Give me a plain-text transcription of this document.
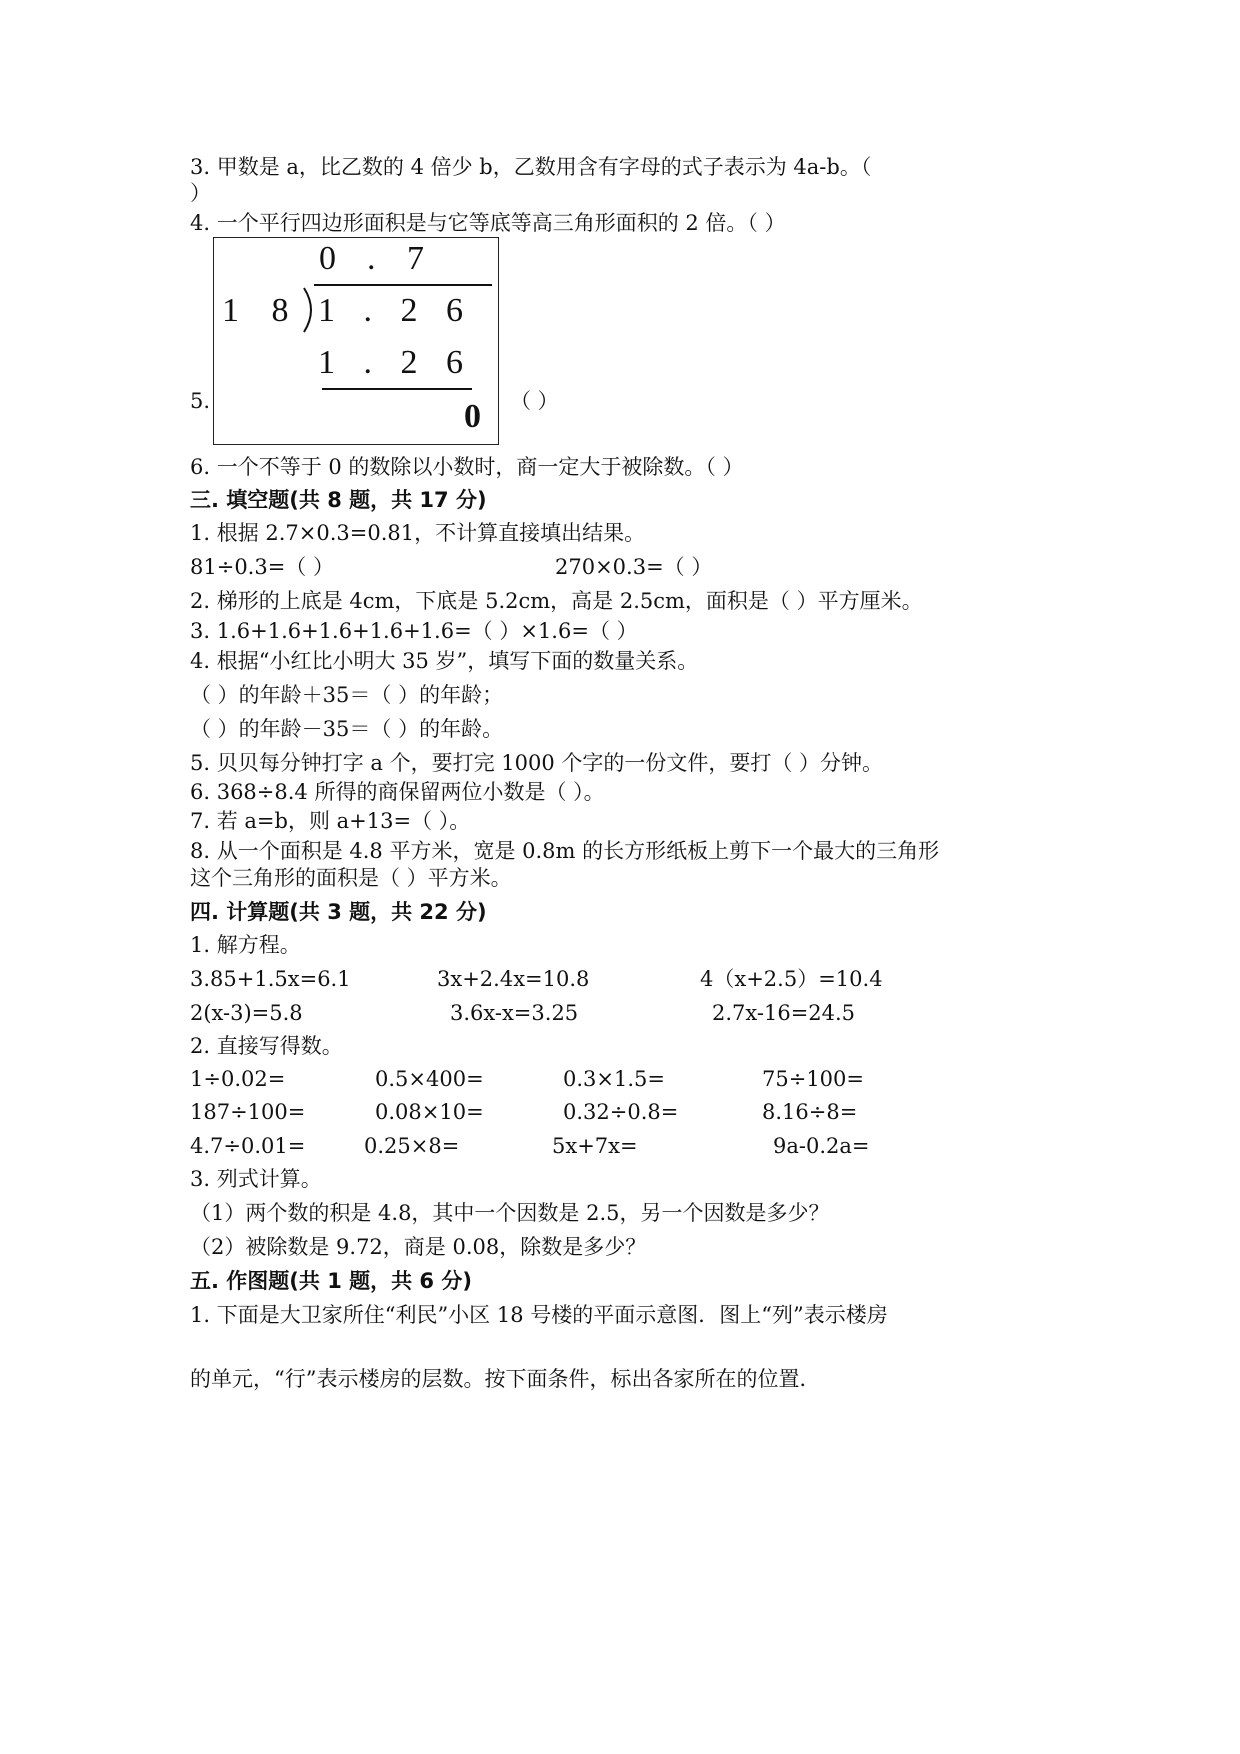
3. 甲数是 a，比乙数的 4 倍少 b，乙数用含有字母的式子表示为 4a-b。（
）
4. 一个平行四边形面积是与它等底等高三角形面积的 2 倍。（ ）
5.
0 . 7
1 8 1 . 2 6
1 . 2 6
0 （ ）
6. 一个不等于 0 的数除以小数时，商一定大于被除数。（ ）
三. 填空题(共 8 题，共 17 分)
1. 根据 2.7×0.3=0.81，不计算直接填出结果。
81÷0.3=（ ）	270×0.3=（ ）
2. 梯形的上底是 4cm，下底是 5.2cm，高是 2.5cm，面积是（ ）平方厘米。
3. 1.6+1.6+1.6+1.6+1.6=（ ）×1.6=（ ）
4. 根据“小红比小明大 35 岁”，填写下面的数量关系。
（ ）的年龄＋35＝（ ）的年龄；
（ ）的年龄－35＝（ ）的年龄。
5. 贝贝每分钟打字 a 个，要打完 1000 个字的一份文件，要打（ ）分钟。
6. 368÷8.4 所得的商保留两位小数是（ ）。
7. 若 a=b，则 a+13=（ ）。
8. 从一个面积是 4.8 平方米，宽是 0.8m 的长方形纸板上剪下一个最大的三角形
这个三角形的面积是（ ）平方米。
四. 计算题(共 3 题，共 22 分)
1. 解方程。
3.85+1.5x=6.1	3x+2.4x=10.8	4（x+2.5）=10.4
2(x-3)=5.8	3.6x-x=3.25	2.7x-16=24.5
2. 直接写得数。
1÷0.02=	0.5×400=	0.3×1.5=	75÷100=
187÷100=	0.08×10=	0.32÷0.8=	8.16÷8=
4.7÷0.01=	0.25×8=	5x+7x=	9a-0.2a=
3. 列式计算。
（1）两个数的积是 4.8，其中一个因数是 2.5，另一个因数是多少？
（2）被除数是 9.72，商是 0.08，除数是多少？
五. 作图题(共 1 题，共 6 分)
1. 下面是大卫家所住“利民”小区 18 号楼的平面示意图．图上“列”表示楼房
的单元，“行”表示楼房的层数。按下面条件，标出各家所在的位置．
